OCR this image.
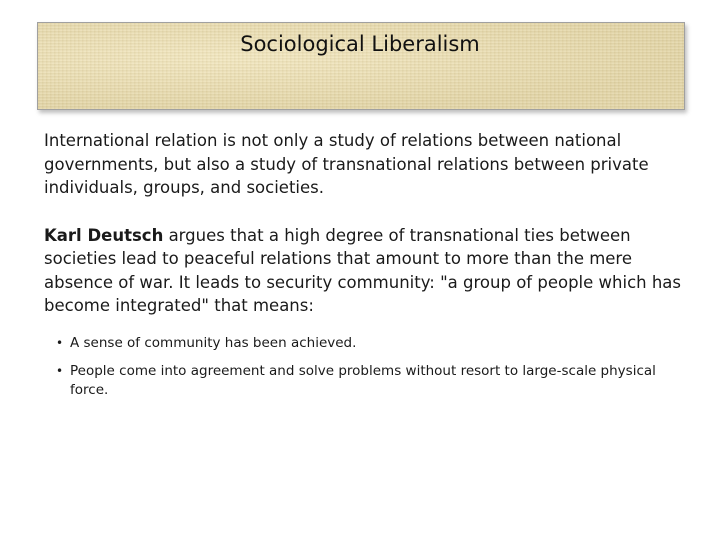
Sociological Liberalism

International relation is not only a study of relations between national governments, but also a study of transnational relations between private individuals, groups, and societies.

Karl Deutsch argues that a high degree of transnational ties between societies lead to peaceful relations that amount to more than the mere absence of war. It leads to security community: "a group of people which has become integrated" that means:

• A sense of community has been achieved.
• People come into agreement and solve problems without resort to large-scale physical force.
